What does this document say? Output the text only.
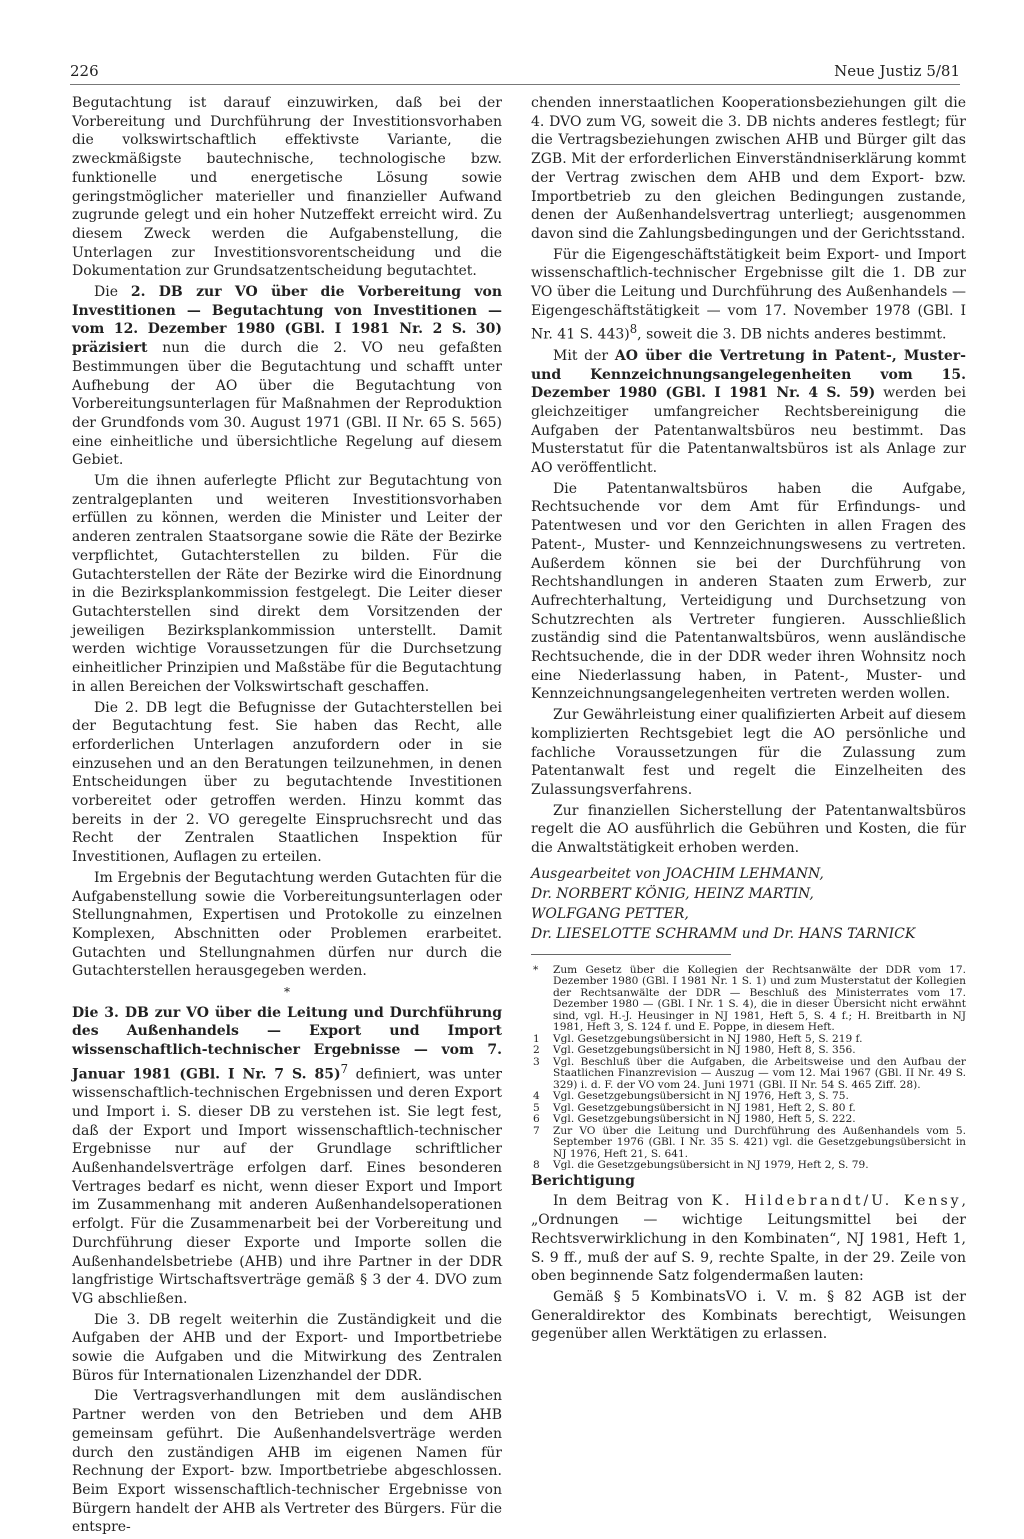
226	Neue Justiz 5/81

Begutachtung ist darauf einzuwirken, daß bei der Vorbereitung und Durchführung der Investitionsvorhaben die volkswirtschaftlich effektivste Variante, die zweckmäßigste bautechnische, technologische bzw. funktionelle und energetische Lösung sowie geringstmöglicher materieller und finanzieller Aufwand zugrunde gelegt und ein hoher Nutzeffekt erreicht wird. Zu diesem Zweck werden die Aufgabenstellung, die Unterlagen zur Investitionsvorentscheidung und die Dokumentation zur Grundsatzentscheidung begutachtet.

Die 2. DB zur VO über die Vorbereitung von Investitionen — Begutachtung von Investitionen — vom 12. Dezember 1980 (GBl. I 1981 Nr. 2 S. 30) präzisiert nun die durch die 2. VO neu gefaßten Bestimmungen über die Begutachtung und schafft unter Aufhebung der AO über die Begutachtung von Vorbereitungsunterlagen für Maßnahmen der Reproduktion der Grundfonds vom 30. August 1971 (GBl. II Nr. 65 S. 565) eine einheitliche und übersichtliche Regelung auf diesem Gebiet.

Um die ihnen auferlegte Pflicht zur Begutachtung von zentralgeplanten und weiteren Investitionsvorhaben erfüllen zu können, werden die Minister und Leiter der anderen zentralen Staatsorgane sowie die Räte der Bezirke verpflichtet, Gutachterstellen zu bilden. Für die Gutachterstellen der Räte der Bezirke wird die Einordnung in die Bezirksplankommission festgelegt. Die Leiter dieser Gutachterstellen sind direkt dem Vorsitzenden der jeweiligen Bezirksplankommission unterstellt. Damit werden wichtige Voraussetzungen für die Durchsetzung einheitlicher Prinzipien und Maßstäbe für die Begutachtung in allen Bereichen der Volkswirtschaft geschaffen.

Die 2. DB legt die Befugnisse der Gutachterstellen bei der Begutachtung fest. Sie haben das Recht, alle erforderlichen Unterlagen anzufordern oder in sie einzusehen und an den Beratungen teilzunehmen, in denen Entscheidungen über zu begutachtende Investitionen vorbereitet oder getroffen werden. Hinzu kommt das bereits in der 2. VO geregelte Einspruchsrecht und das Recht der Zentralen Staatlichen Inspektion für Investitionen, Auflagen zu erteilen.

Im Ergebnis der Begutachtung werden Gutachten für die Aufgabenstellung sowie die Vorbereitungsunterlagen oder Stellungnahmen, Expertisen und Protokolle zu einzelnen Komplexen, Abschnitten oder Problemen erarbeitet. Gutachten und Stellungnahmen dürfen nur durch die Gutachterstellen herausgegeben werden.

*

Die 3. DB zur VO über die Leitung und Durchführung des Außenhandels — Export und Import wissenschaftlich-technischer Ergebnisse — vom 7. Januar 1981 (GBl. I Nr. 7 S. 85)$^7$ definiert, was unter wissenschaftlich-technischen Ergebnissen und deren Export und Import i. S. dieser DB zu verstehen ist. Sie legt fest, daß der Export und Import wissenschaftlich-technischer Ergebnisse nur auf der Grundlage schriftlicher Außenhandelsverträge erfolgen darf. Eines besonderen Vertrages bedarf es nicht, wenn dieser Export und Import im Zusammenhang mit anderen Außenhandelsoperationen erfolgt. Für die Zusammenarbeit bei der Vorbereitung und Durchführung dieser Exporte und Importe sollen die Außenhandelsbetriebe (AHB) und ihre Partner in der DDR langfristige Wirtschaftsverträge gemäß § 3 der 4. DVO zum VG abschließen.

Die 3. DB regelt weiterhin die Zuständigkeit und die Aufgaben der AHB und der Export- und Importbetriebe sowie die Aufgaben und die Mitwirkung des Zentralen Büros für Internationalen Lizenzhandel der DDR.

Die Vertragsverhandlungen mit dem ausländischen Partner werden von den Betrieben und dem AHB gemeinsam geführt. Die Außenhandelsverträge werden durch den zuständigen AHB im eigenen Namen für Rechnung der Export- bzw. Importbetriebe abgeschlossen. Beim Export wissenschaftlich-technischer Ergebnisse von Bürgern handelt der AHB als Vertreter des Bürgers. Für die entspre-

chenden innerstaatlichen Kooperationsbeziehungen gilt die 4. DVO zum VG, soweit die 3. DB nichts anderes festlegt; für die Vertragsbeziehungen zwischen AHB und Bürger gilt das ZGB. Mit der erforderlichen Einverständniserklärung kommt der Vertrag zwischen dem AHB und dem Export- bzw. Importbetrieb zu den gleichen Bedingungen zustande, denen der Außenhandelsvertrag unterliegt; ausgenommen davon sind die Zahlungsbedingungen und der Gerichtsstand.

Für die Eigengeschäftstätigkeit beim Export- und Import wissenschaftlich-technischer Ergebnisse gilt die 1. DB zur VO über die Leitung und Durchführung des Außenhandels — Eigengeschäftstätigkeit — vom 17. November 1978 (GBl. I Nr. 41 S. 443)$^8$, soweit die 3. DB nichts anderes bestimmt.

Mit der AO über die Vertretung in Patent-, Muster- und Kennzeichnungsangelegenheiten vom 15. Dezember 1980 (GBl. I 1981 Nr. 4 S. 59) werden bei gleichzeitiger umfangreicher Rechtsbereinigung die Aufgaben der Patentanwaltsbüros neu bestimmt. Das Musterstatut für die Patentanwaltsbüros ist als Anlage zur AO veröffentlicht.

Die Patentanwaltsbüros haben die Aufgabe, Rechtsuchende vor dem Amt für Erfindungs- und Patentwesen und vor den Gerichten in allen Fragen des Patent-, Muster- und Kennzeichnungswesens zu vertreten. Außerdem können sie bei der Durchführung von Rechtshandlungen in anderen Staaten zum Erwerb, zur Aufrechterhaltung, Verteidigung und Durchsetzung von Schutzrechten als Vertreter fungieren. Ausschließlich zuständig sind die Patentanwaltsbüros, wenn ausländische Rechtsuchende, die in der DDR weder ihren Wohnsitz noch eine Niederlassung haben, in Patent-, Muster- und Kennzeichnungsangelegenheiten vertreten werden wollen.

Zur Gewährleistung einer qualifizierten Arbeit auf diesem komplizierten Rechtsgebiet legt die AO persönliche und fachliche Voraussetzungen für die Zulassung zum Patentanwalt fest und regelt die Einzelheiten des Zulassungsverfahrens.

Zur finanziellen Sicherstellung der Patentanwaltsbüros regelt die AO ausführlich die Gebühren und Kosten, die für die Anwaltstätigkeit erhoben werden.

Ausgearbeitet von JOACHIM LEHMANN,
Dr. NORBERT KÖNIG, HEINZ MARTIN,
WOLFGANG PETTER,
Dr. LIESELOTTE SCHRAMM und Dr. HANS TARNICK
* Zum Gesetz über die Kollegien der Rechtsanwälte der DDR vom 17. Dezember 1980 (GBl. I 1981 Nr. 1 S. 1) und zum Musterstatut der Kollegien der Rechtsanwälte der DDR — Beschluß des Ministerrates vom 17. Dezember 1980 — (GBl. I Nr. 1 S. 4), die in dieser Übersicht nicht erwähnt sind, vgl. H.-J. Heusinger in NJ 1981, Heft 5, S. 4 f.; H. Breitbarth in NJ 1981, Heft 3, S. 124 f. und E. Poppe, in diesem Heft.
1 Vgl. Gesetzgebungsübersicht in NJ 1980, Heft 5, S. 219 f.
2 Vgl. Gesetzgebungsübersicht in NJ 1980, Heft 8, S. 356.
3 Vgl. Beschluß über die Aufgaben, die Arbeitsweise und den Aufbau der Staatlichen Finanzrevision — Auszug — vom 12. Mai 1967 (GBl. II Nr. 49 S. 329) i. d. F. der VO vom 24. Juni 1971 (GBl. II Nr. 54 S. 465 Ziff. 28).
4 Vgl. Gesetzgebungsübersicht in NJ 1976, Heft 3, S. 75.
5 Vgl. Gesetzgebungsübersicht in NJ 1981, Heft 2, S. 80 f.
6 Vgl. Gesetzgebungsübersicht in NJ 1980, Heft 5, S. 222.
7 Zur VO über die Leitung und Durchführung des Außenhandels vom 5. September 1976 (GBl. I Nr. 35 S. 421) vgl. die Gesetzgebungsübersicht in NJ 1976, Heft 21, S. 641.
8 Vgl. die Gesetzgebungsübersicht in NJ 1979, Heft 2, S. 79.

Berichtigung

In dem Beitrag von K. Hildebrandt/U. Kensy, „Ordnungen — wichtige Leitungsmittel bei der Rechtsverwirklichung in den Kombinaten“, NJ 1981, Heft 1, S. 9 ff., muß der auf S. 9, rechte Spalte, in der 29. Zeile von oben beginnende Satz folgendermaßen lauten:

Gemäß § 5 KombinatsVO i. V. m. § 82 AGB ist der Generaldirektor des Kombinats berechtigt, Weisungen gegenüber allen Werktätigen zu erlassen.
